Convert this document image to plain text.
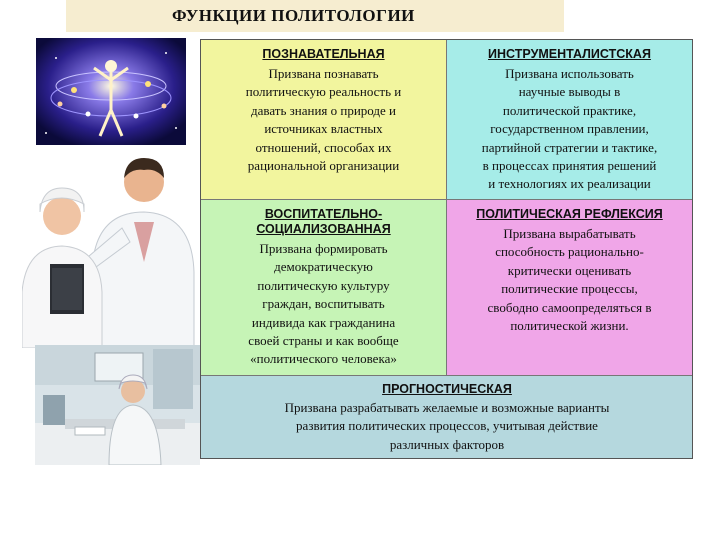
ФУНКЦИИ ПОЛИТОЛОГИИ
ПОЗНАВАТЕЛЬНАЯ
Призвана познавать
политическую реальность и
давать знания о природе и
источниках властных
отношений, способах их
рациональной организации
ИНСТРУМЕНТАЛИСТСКАЯ
Призвана использовать
научные выводы в
политической практике,
государственном правлении,
партийной стратегии и тактике,
в процессах принятия решений
и технологиях их реализации
ВОСПИТАТЕЛЬНО-
СОЦИАЛИЗОВАННАЯ
Призвана формировать
демократическую
политическую культуру
граждан, воспитывать
индивида как гражданина
своей страны и как вообще
«политического человека»
ПОЛИТИЧЕСКАЯ РЕФЛЕКСИЯ
Призвана вырабатывать
способность рационально-
критически оценивать
политические процессы,
свободно самоопределяться в
политической жизни.
ПРОГНОСТИЧЕСКАЯ
Призвана разрабатывать желаемые и возможные варианты
развития политических процессов, учитывая действие
различных факторов
